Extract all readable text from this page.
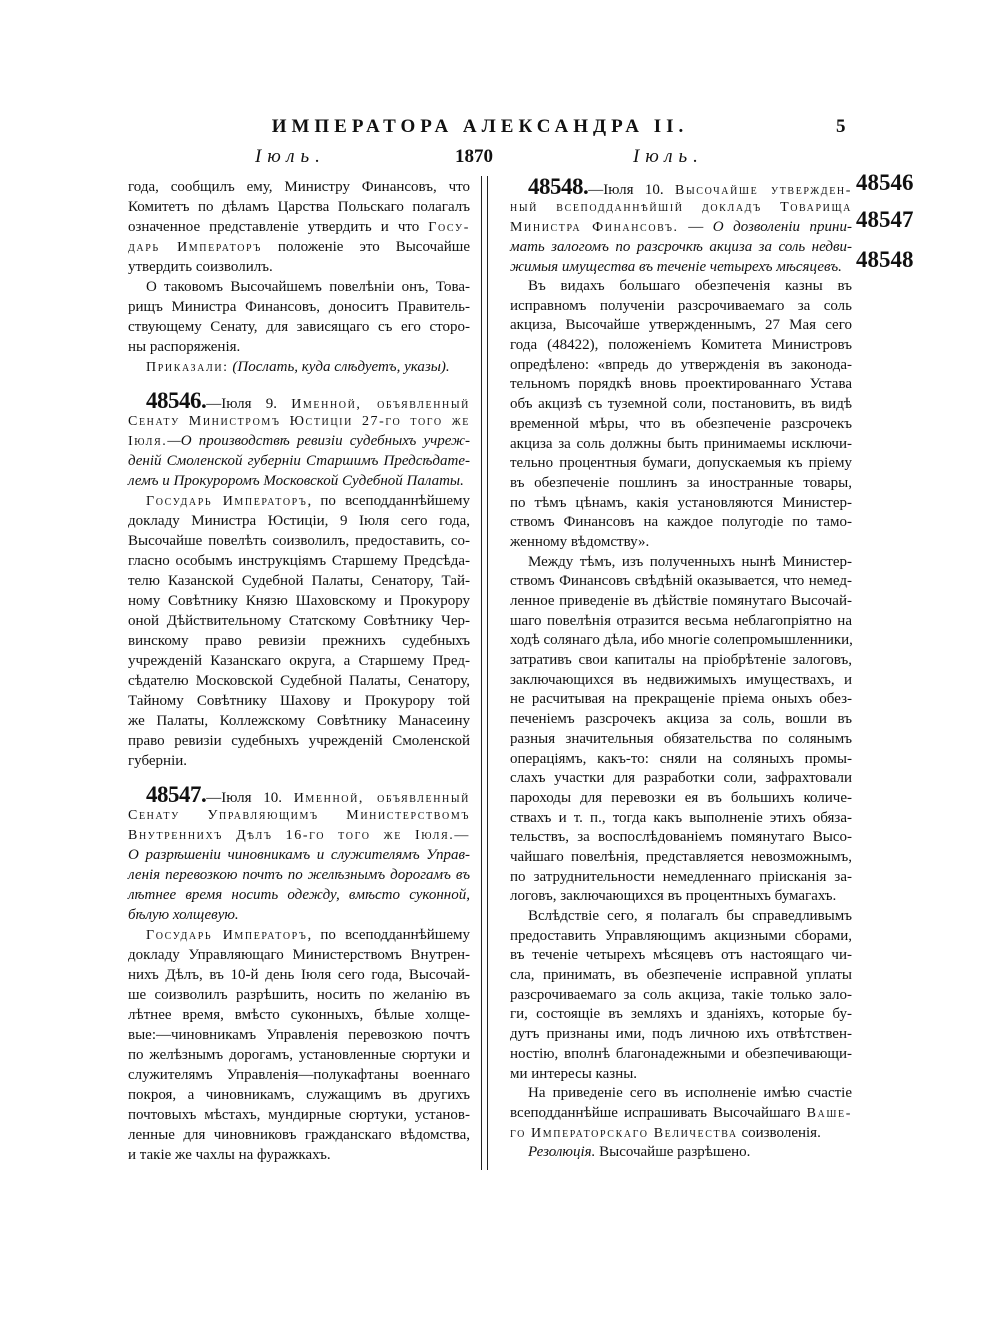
ИМПЕРАТОРА АЛЕКСАНДРА II.	5
Іюль.	1870	Іюль.
года, сообщилъ ему, Министру Финансовъ, что
Комитетъ по дѣламъ Царства Польскаго полагалъ
означенное представленіе утвердить и что Госу-
дарь Императоръ положеніе это Высочайше
утвердить соизволилъ.
О таковомъ Высочайшемъ повелѣніи онъ, Това-
рищъ Министра Финансовъ, доноситъ Правитель-
ствующему Сенату, для зависящаго съ его сторо-
ны распоряженія.
Приказали: (Послать, куда слѣдуетъ, указы).
48546.—Іюля 9. Именной, объявленный
Сенату Министромъ Юстиціи 27-го того же
Іюля.—О производствѣ ревизіи судебныхъ учреж-
деній Смоленской губерніи Старшимъ Предсѣдате-
лемъ и Прокуроромъ Московской Судебной Палаты.
Государь Императоръ, по всеподданнѣйшему
докладу Министра Юстиціи, 9 Іюля сего года,
Высочайше повелѣть соизволилъ, предоставить, со-
гласно особымъ инструкціямъ Старшему Предсѣда-
телю Казанской Судебной Палаты, Сенатору, Тай-
ному Совѣтнику Князю Шаховскому и Прокурору
оной Дѣйствительному Статскому Совѣтнику Чер-
винскому право ревизіи прежнихъ судебныхъ
учрежденій Казанскаго округа, а Старшему Пред-
сѣдателю Московской Судебной Палаты, Сенатору,
Тайному Совѣтнику Шахову и Прокурору той
же Палаты, Коллежскому Совѣтнику Манасеину
право ревизіи судебныхъ учрежденій Смоленской
губерніи.
48547.—Іюля 10. Именной, объявленный
Сенату Управляющимъ Министерствомъ
Внутреннихъ Дѣлъ 16-го того же Іюля.—
О разрѣшеніи чиновникамъ и служителямъ Управ-
ленія перевозкою почтъ по желѣзнымъ дорогамъ въ
лѣтнее время носить одежду, вмѣсто суконной,
бѣлую холщевую.
Государь Императоръ, по всеподданнѣйшему
докладу Управляющаго Министерствомъ Внутрен-
нихъ Дѣлъ, въ 10-й день Іюля сего года, Высочай-
ше соизволилъ разрѣшить, носить по желанію въ
лѣтнее время, вмѣсто суконныхъ, бѣлые холще-
вые:—чиновникамъ Управленія перевозкою почтъ
по желѣзнымъ дорогамъ, установленные сюртуки и
служителямъ Управленія—полукафтаны военнаго
покроя, а чиновникамъ, служащимъ въ другихъ
почтовыхъ мѣстахъ, мундирные сюртуки, установ-
ленные для чиновниковъ гражданскаго вѣдомства,
и такіе же чахлы на фуражкахъ.
48548.—Іюля 10. Высочайше утвержден-
ный всеподданнѣйшій докладъ Товарища
Министра Финансовъ. — О дозволеніи прини-
мать залогомъ по разсрочкѣ акциза за соль недви-
жимыя имущества въ теченіе четырехъ мѣсяцевъ.
Въ видахъ большаго обезпеченія казны въ
исправномъ полученіи разсрочиваемаго за соль
акциза, Высочайше утвержденнымъ, 27 Мая сего
года (48422), положеніемъ Комитета Министровъ
опредѣлено: «впредь до утвержденія въ законода-
тельномъ порядкѣ вновь проектированнаго Устава
объ акцизѣ съ туземной соли, постановить, въ видѣ
временной мѣры, что въ обезпеченіе разсрочекъ
акциза за соль должны быть принимаемы исключи-
тельно процентныя бумаги, допускаемыя къ пріему
въ обезпеченіе пошлинъ за иностранные товары,
по тѣмъ цѣнамъ, какія установляются Министер-
ствомъ Финансовъ на каждое полугодіе по тамо-
женному вѣдомству».
Между тѣмъ, изъ полученныхъ нынѣ Министер-
ствомъ Финансовъ свѣдѣній оказывается, что немед-
ленное приведеніе въ дѣйствіе помянутаго Высочай-
шаго повелѣнія отразится весьма неблагопріятно на
ходѣ солянаго дѣла, ибо многіе солепромышленники,
затративъ свои капиталы на пріобрѣтеніе залоговъ,
заключающихся въ недвижимыхъ имуществахъ, и
не расчитывая на прекращеніе пріема оныхъ обез-
печеніемъ разсрочекъ акциза за соль, вошли въ
разныя значительныя обязательства по солянымъ
операціямъ, какъ-то: сняли на соляныхъ промы-
слахъ участки для разработки соли, зафрахтовали
пароходы для перевозки ея въ большихъ количе-
ствахъ и т. п., тогда какъ выполненіе этихъ обяза-
тельствъ, за воспослѣдованіемъ помянутаго Высо-
чайшаго повелѣнія, представляется невозможнымъ,
по затруднительности немедленнаго пріисканія за-
логовъ, заключающихся въ процентныхъ бумагахъ.
Вслѣдствіе сего, я полагалъ бы справедливымъ
предоставить Управляющимъ акцизными сборами,
въ теченіе четырехъ мѣсяцевъ отъ настоящаго чи-
сла, принимать, въ обезпеченіе исправной уплаты
разсрочиваемаго за соль акциза, такіе только зало-
ги, состоящіе въ земляхъ и зданіяхъ, которые бу-
дутъ признаны ими, подъ личною ихъ отвѣтствен-
ностію, вполнѣ благонадежными и обезпечивающи-
ми интересы казны.
На приведеніе сего въ исполненіе имѣю счастіе
всеподданнѣйше испрашивать Высочайшаго Ваше-
го Императорскаго Величества соизволенія.
Резолюція. Высочайше разрѣшено.
48546
48547
48548
